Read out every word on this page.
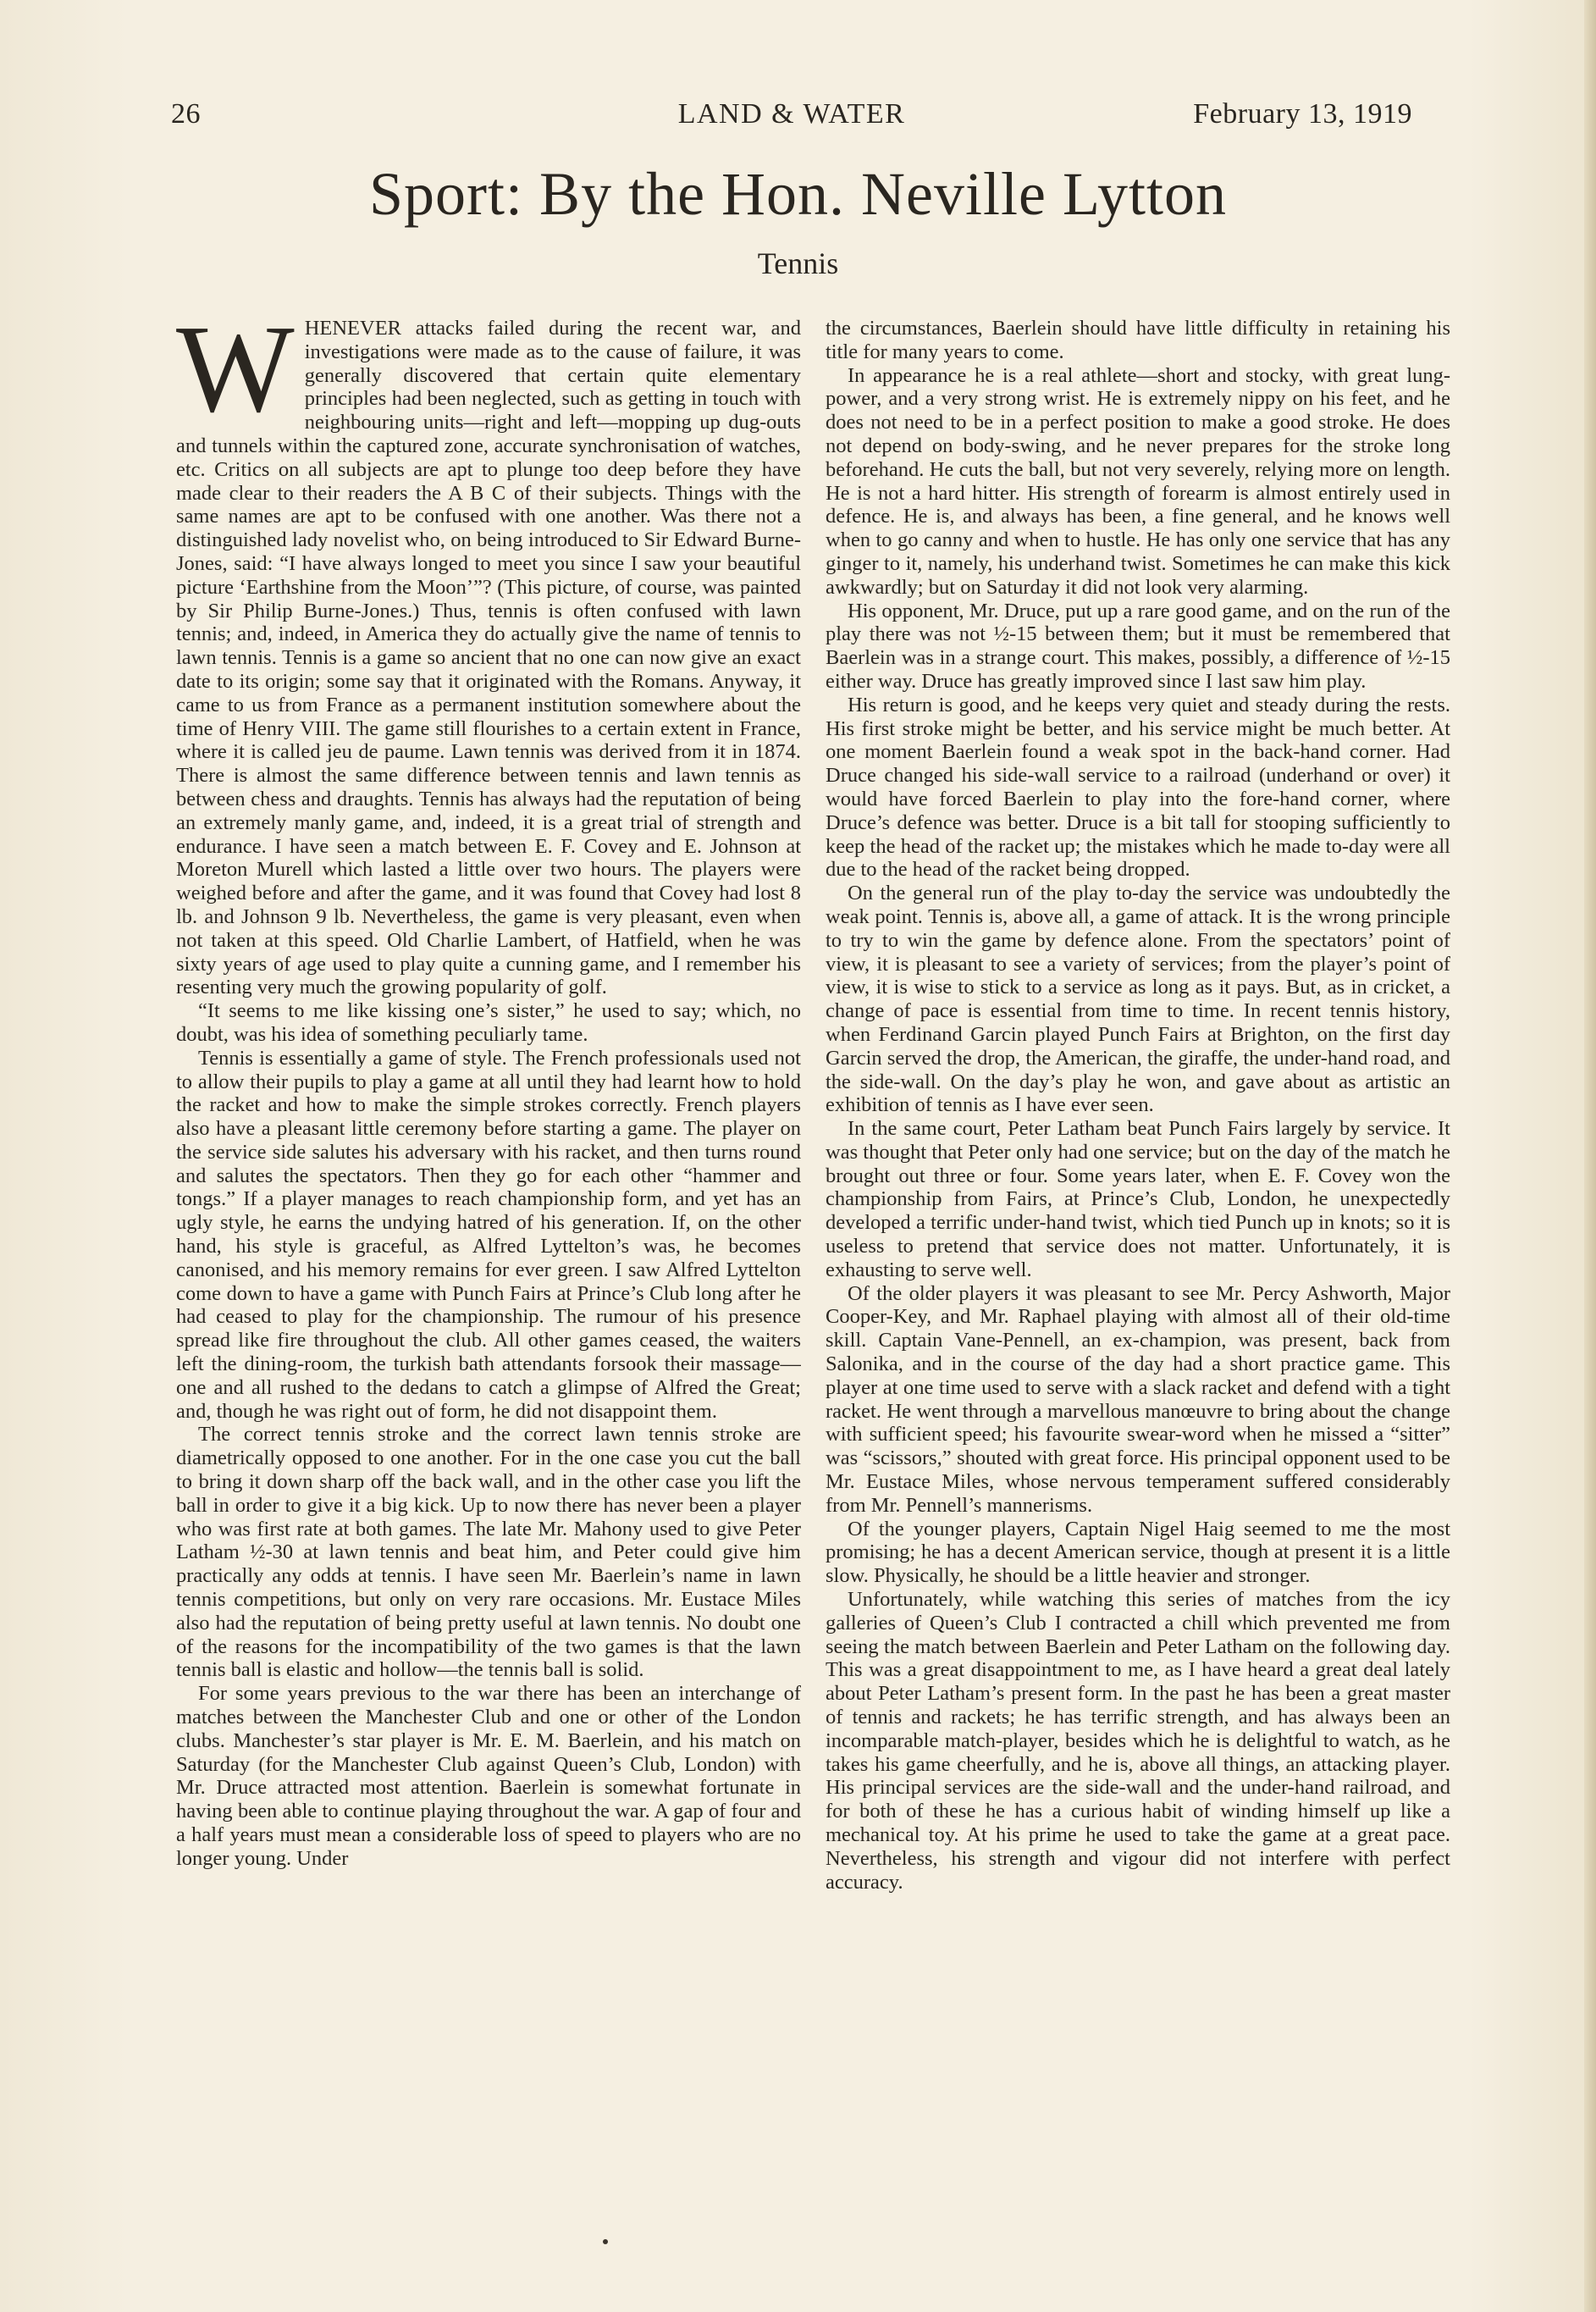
26	LAND & WATER	February 13, 1919
Sport: By the Hon. Neville Lytton
Tennis

WHENEVER attacks failed during the recent war, and investigations were made as to the cause of failure, it was generally discovered that certain quite elementary principles had been neglected, such as getting in touch with neighbouring units—right and left—mopping up dug-outs and tunnels within the captured zone, accurate synchronisation of watches, etc. Critics on all subjects are apt to plunge too deep before they have made clear to their readers the A B C of their subjects. Things with the same names are apt to be confused with one another. Was there not a distinguished lady novelist who, on being introduced to Sir Edward Burne-Jones, said: “I have always longed to meet you since I saw your beautiful picture ‘Earthshine from the Moon’”? (This picture, of course, was painted by Sir Philip Burne-Jones.) Thus, tennis is often confused with lawn tennis; and, indeed, in America they do actually give the name of tennis to lawn tennis. Tennis is a game so ancient that no one can now give an exact date to its origin; some say that it originated with the Romans. Anyway, it came to us from France as a permanent institution somewhere about the time of Henry VIII. The game still flourishes to a certain extent in France, where it is called jeu de paume. Lawn tennis was derived from it in 1874. There is almost the same difference between tennis and lawn tennis as between chess and draughts. Tennis has always had the reputation of being an extremely manly game, and, indeed, it is a great trial of strength and endurance. I have seen a match between E. F. Covey and E. Johnson at Moreton Murell which lasted a little over two hours. The players were weighed before and after the game, and it was found that Covey had lost 8 lb. and Johnson 9 lb. Nevertheless, the game is very pleasant, even when not taken at this speed. Old Charlie Lambert, of Hatfield, when he was sixty years of age used to play quite a cunning game, and I remember his resenting very much the growing popularity of golf.

“It seems to me like kissing one’s sister,” he used to say; which, no doubt, was his idea of something peculiarly tame.

Tennis is essentially a game of style. The French professionals used not to allow their pupils to play a game at all until they had learnt how to hold the racket and how to make the simple strokes correctly. French players also have a pleasant little ceremony before starting a game. The player on the service side salutes his adversary with his racket, and then turns round and salutes the spectators. Then they go for each other “hammer and tongs.” If a player manages to reach championship form, and yet has an ugly style, he earns the undying hatred of his generation. If, on the other hand, his style is graceful, as Alfred Lyttelton’s was, he becomes canonised, and his memory remains for ever green. I saw Alfred Lyttelton come down to have a game with Punch Fairs at Prince’s Club long after he had ceased to play for the championship. The rumour of his presence spread like fire throughout the club. All other games ceased, the waiters left the dining-room, the turkish bath attendants forsook their massage—one and all rushed to the dedans to catch a glimpse of Alfred the Great; and, though he was right out of form, he did not disappoint them.

The correct tennis stroke and the correct lawn tennis stroke are diametrically opposed to one another. For in the one case you cut the ball to bring it down sharp off the back wall, and in the other case you lift the ball in order to give it a big kick. Up to now there has never been a player who was first rate at both games. The late Mr. Mahony used to give Peter Latham ½-30 at lawn tennis and beat him, and Peter could give him practically any odds at tennis. I have seen Mr. Baerlein’s name in lawn tennis competitions, but only on very rare occasions. Mr. Eustace Miles also had the reputation of being pretty useful at lawn tennis. No doubt one of the reasons for the incompatibility of the two games is that the lawn tennis ball is elastic and hollow—the tennis ball is solid.

For some years previous to the war there has been an interchange of matches between the Manchester Club and one or other of the London clubs. Manchester’s star player is Mr. E. M. Baerlein, and his match on Saturday (for the Manchester Club against Queen’s Club, London) with Mr. Druce attracted most attention. Baerlein is somewhat fortunate in having been able to continue playing throughout the war. A gap of four and a half years must mean a considerable loss of speed to players who are no longer young. Under

the circumstances, Baerlein should have little difficulty in retaining his title for many years to come.

In appearance he is a real athlete—short and stocky, with great lung-power, and a very strong wrist. He is extremely nippy on his feet, and he does not need to be in a perfect position to make a good stroke. He does not depend on body-swing, and he never prepares for the stroke long beforehand. He cuts the ball, but not very severely, relying more on length. He is not a hard hitter. His strength of forearm is almost entirely used in defence. He is, and always has been, a fine general, and he knows well when to go canny and when to hustle. He has only one service that has any ginger to it, namely, his underhand twist. Sometimes he can make this kick awkwardly; but on Saturday it did not look very alarming.

His opponent, Mr. Druce, put up a rare good game, and on the run of the play there was not ½-15 between them; but it must be remembered that Baerlein was in a strange court. This makes, possibly, a difference of ½-15 either way. Druce has greatly improved since I last saw him play.

His return is good, and he keeps very quiet and steady during the rests. His first stroke might be better, and his service might be much better. At one moment Baerlein found a weak spot in the back-hand corner. Had Druce changed his side-wall service to a railroad (underhand or over) it would have forced Baerlein to play into the fore-hand corner, where Druce’s defence was better. Druce is a bit tall for stooping sufficiently to keep the head of the racket up; the mistakes which he made to-day were all due to the head of the racket being dropped.

On the general run of the play to-day the service was undoubtedly the weak point. Tennis is, above all, a game of attack. It is the wrong principle to try to win the game by defence alone. From the spectators’ point of view, it is pleasant to see a variety of services; from the player’s point of view, it is wise to stick to a service as long as it pays. But, as in cricket, a change of pace is essential from time to time. In recent tennis history, when Ferdinand Garcin played Punch Fairs at Brighton, on the first day Garcin served the drop, the American, the giraffe, the under-hand road, and the side-wall. On the day’s play he won, and gave about as artistic an exhibition of tennis as I have ever seen.

In the same court, Peter Latham beat Punch Fairs largely by service. It was thought that Peter only had one service; but on the day of the match he brought out three or four. Some years later, when E. F. Covey won the championship from Fairs, at Prince’s Club, London, he unexpectedly developed a terrific under-hand twist, which tied Punch up in knots; so it is useless to pretend that service does not matter. Unfortunately, it is exhausting to serve well.

Of the older players it was pleasant to see Mr. Percy Ashworth, Major Cooper-Key, and Mr. Raphael playing with almost all of their old-time skill. Captain Vane-Pennell, an ex-champion, was present, back from Salonika, and in the course of the day had a short practice game. This player at one time used to serve with a slack racket and defend with a tight racket. He went through a marvellous manœuvre to bring about the change with sufficient speed; his favourite swear-word when he missed a “sitter” was “scissors,” shouted with great force. His principal opponent used to be Mr. Eustace Miles, whose nervous temperament suffered considerably from Mr. Pennell’s mannerisms.

Of the younger players, Captain Nigel Haig seemed to me the most promising; he has a decent American service, though at present it is a little slow. Physically, he should be a little heavier and stronger.

Unfortunately, while watching this series of matches from the icy galleries of Queen’s Club I contracted a chill which prevented me from seeing the match between Baerlein and Peter Latham on the following day. This was a great disappointment to me, as I have heard a great deal lately about Peter Latham’s present form. In the past he has been a great master of tennis and rackets; he has terrific strength, and has always been an incomparable match-player, besides which he is delightful to watch, as he takes his game cheerfully, and he is, above all things, an attacking player. His principal services are the side-wall and the under-hand railroad, and for both of these he has a curious habit of winding himself up like a mechanical toy. At his prime he used to take the game at a great pace. Nevertheless, his strength and vigour did not interfere with perfect accuracy.
